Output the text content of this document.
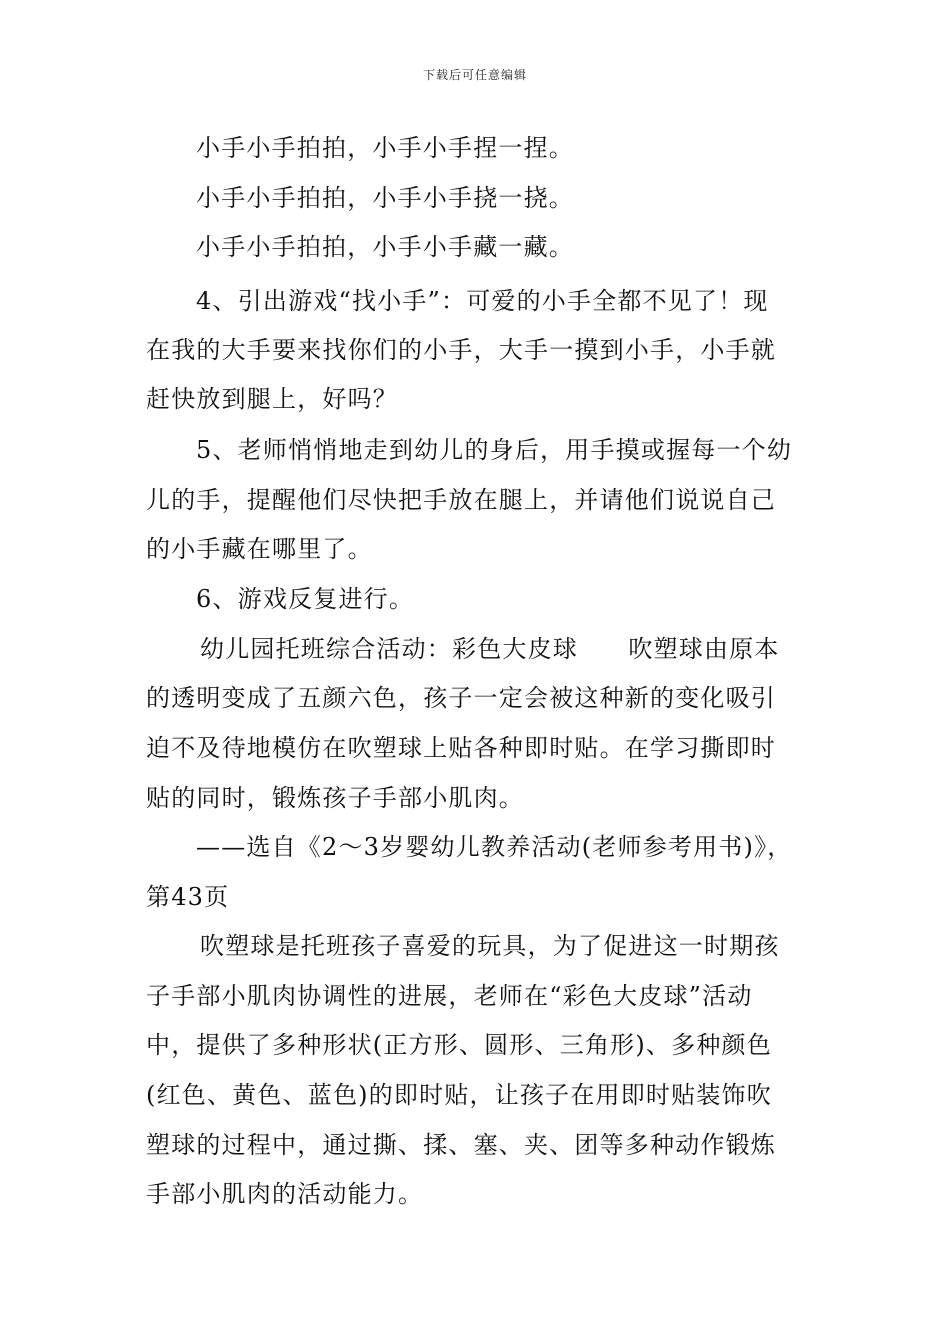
下载后可任意编辑
小手小手拍拍，小手小手捏一捏。
小手小手拍拍，小手小手挠一挠。
小手小手拍拍，小手小手藏一藏。
4、引出游戏“找小手”：可爱的小手全都不见了！现
在我的大手要来找你们的小手，大手一摸到小手，小手就
赶快放到腿上，好吗？
5、老师悄悄地走到幼儿的身后，用手摸或握每一个幼
儿的手，提醒他们尽快把手放在腿上，并请他们说说自己
的小手藏在哪里了。
6、游戏反复进行。
幼儿园托班综合活动：彩色大皮球　　吹塑球由原本
的透明变成了五颜六色，孩子一定会被这种新的变化吸引
迫不及待地模仿在吹塑球上贴各种即时贴。在学习撕即时
贴的同时，锻炼孩子手部小肌肉。
——选自《2～3岁婴幼儿教养活动(老师参考用书)》，
第43页
吹塑球是托班孩子喜爱的玩具，为了促进这一时期孩
子手部小肌肉协调性的进展，老师在“彩色大皮球”活动
中，提供了多种形状(正方形、圆形、三角形)、多种颜色
(红色、黄色、蓝色)的即时贴，让孩子在用即时贴装饰吹
塑球的过程中，通过撕、揉、塞、夹、团等多种动作锻炼
手部小肌肉的活动能力。
